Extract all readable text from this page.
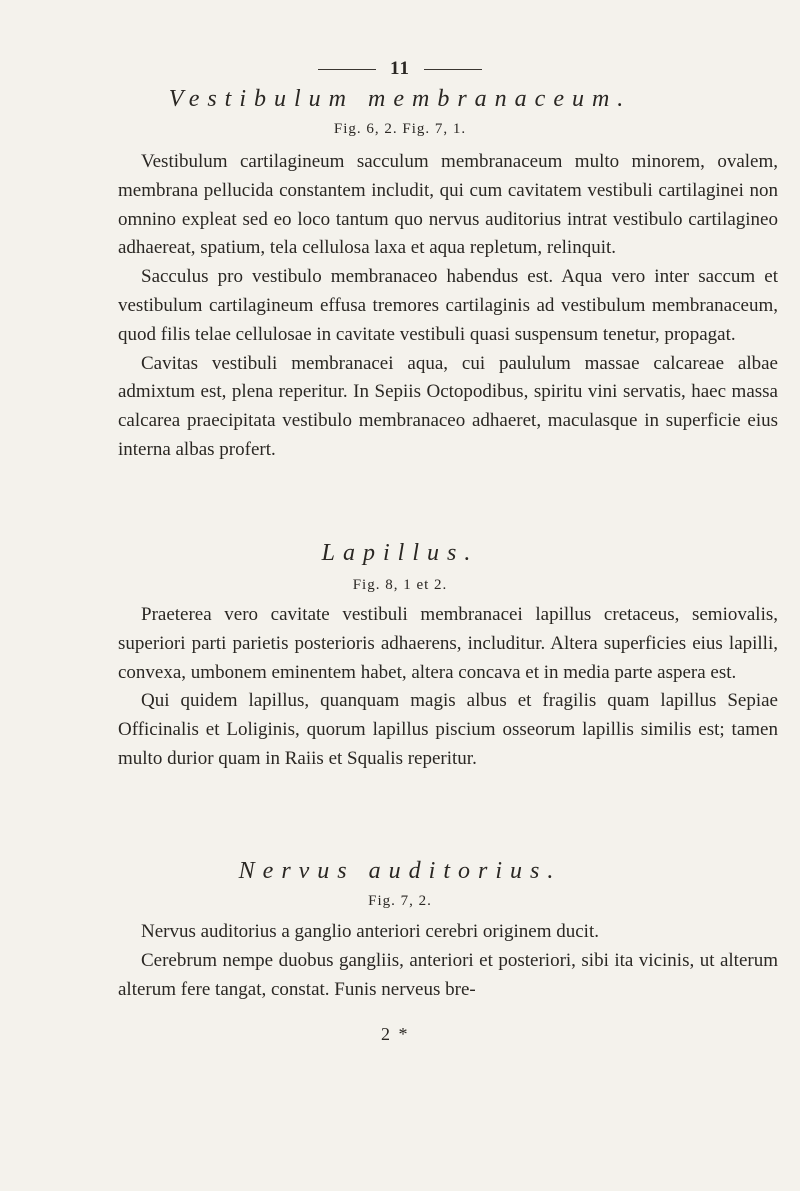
11
Vestibulum membranaceum.
Fig. 6, 2. Fig. 7, 1.

Vestibulum cartilagineum sacculum membranaceum multo minorem, ovalem, membrana pellucida constantem includit, qui cum cavitatem vestibuli cartilaginei non omnino expleat sed eo loco tantum quo nervus auditorius intrat vestibulo cartilagineo adhaereat, spatium, tela cellulosa laxa et aqua repletum, relinquit.

Sacculus pro vestibulo membranaceo habendus est. Aqua vero inter saccum et vestibulum cartilagineum effusa tremores cartilaginis ad vestibulum membranaceum, quod filis telae cellulosae in cavitate vestibuli quasi suspensum tenetur, propagat.

Cavitas vestibuli membranacei aqua, cui paululum massae calcareae albae admixtum est, plena reperitur. In Sepiis Octopodibus, spiritu vini servatis, haec massa calcarea praecipitata vestibulo membranaceo adhaeret, maculasque in superficie eius interna albas profert.

Lapillus.
Fig. 8, 1 et 2.

Praeterea vero cavitate vestibuli membranacei lapillus cretaceus, semiovalis, superiori parti parietis posterioris adhaerens, includitur. Altera superficies eius lapilli, convexa, umbonem eminentem habet, altera concava et in media parte aspera est.

Qui quidem lapillus, quanquam magis albus et fragilis quam lapillus Sepiae Officinalis et Loliginis, quorum lapillus piscium osseorum lapillis similis est; tamen multo durior quam in Raiis et Squalis reperitur.

Nervus auditorius.
Fig. 7, 2.

Nervus auditorius a ganglio anteriori cerebri originem ducit.

Cerebrum nempe duobus gangliis, anteriori et posteriori, sibi ita vicinis, ut alterum alterum fere tangat, constat. Funis nerveus bre-

2 *
